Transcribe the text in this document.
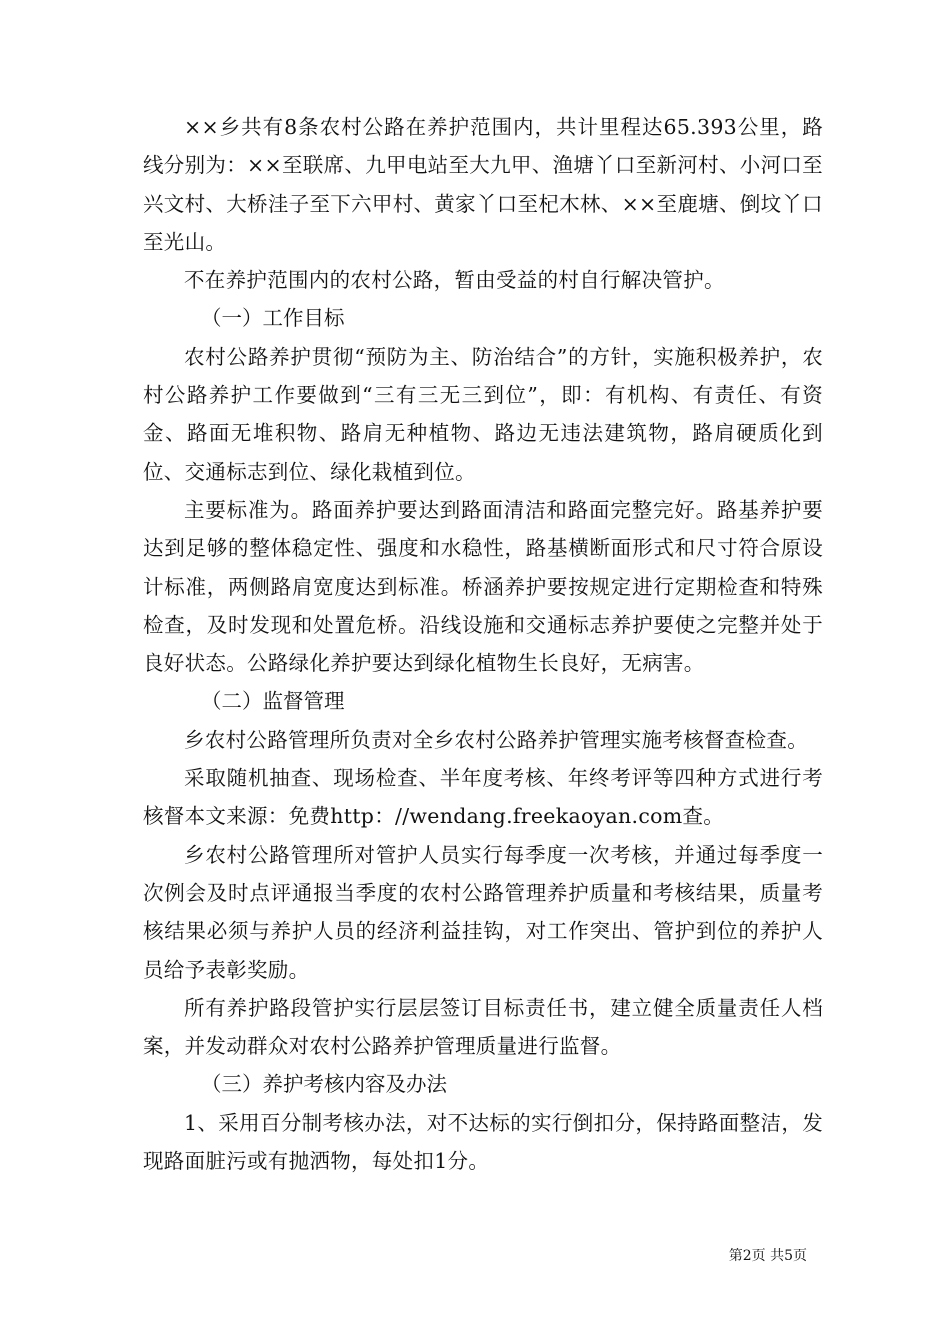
××乡共有8条农村公路在养护范围内，共计里程达65.393公里，路线分别为：××至联席、九甲电站至大九甲、渔塘丫口至新河村、小河口至兴文村、大桥洼子至下六甲村、黄家丫口至杞木林、××至鹿塘、倒坟丫口至光山。

不在养护范围内的农村公路，暂由受益的村自行解决管护。

（一）工作目标

农村公路养护贯彻“预防为主、防治结合”的方针，实施积极养护，农村公路养护工作要做到“三有三无三到位”，即：有机构、有责任、有资金、路面无堆积物、路肩无种植物、路边无违法建筑物，路肩硬质化到位、交通标志到位、绿化栽植到位。

主要标准为。路面养护要达到路面清洁和路面完整完好。路基养护要达到足够的整体稳定性、强度和水稳性，路基横断面形式和尺寸符合原设计标准，两侧路肩宽度达到标准。桥涵养护要按规定进行定期检查和特殊检查，及时发现和处置危桥。沿线设施和交通标志养护要使之完整并处于良好状态。公路绿化养护要达到绿化植物生长良好，无病害。

（二）监督管理

乡农村公路管理所负责对全乡农村公路养护管理实施考核督查检查。

采取随机抽查、现场检查、半年度考核、年终考评等四种方式进行考核督本文来源：免费http：//wendang.freekaoyan.com查。

乡农村公路管理所对管护人员实行每季度一次考核，并通过每季度一次例会及时点评通报当季度的农村公路管理养护质量和考核结果，质量考核结果必须与养护人员的经济利益挂钩，对工作突出、管护到位的养护人员给予表彰奖励。

所有养护路段管护实行层层签订目标责任书，建立健全质量责任人档案，并发动群众对农村公路养护管理质量进行监督。

（三）养护考核内容及办法

1、采用百分制考核办法，对不达标的实行倒扣分，保持路面整洁，发现路面脏污或有抛洒物，每处扣1分。

第2页 共5页
